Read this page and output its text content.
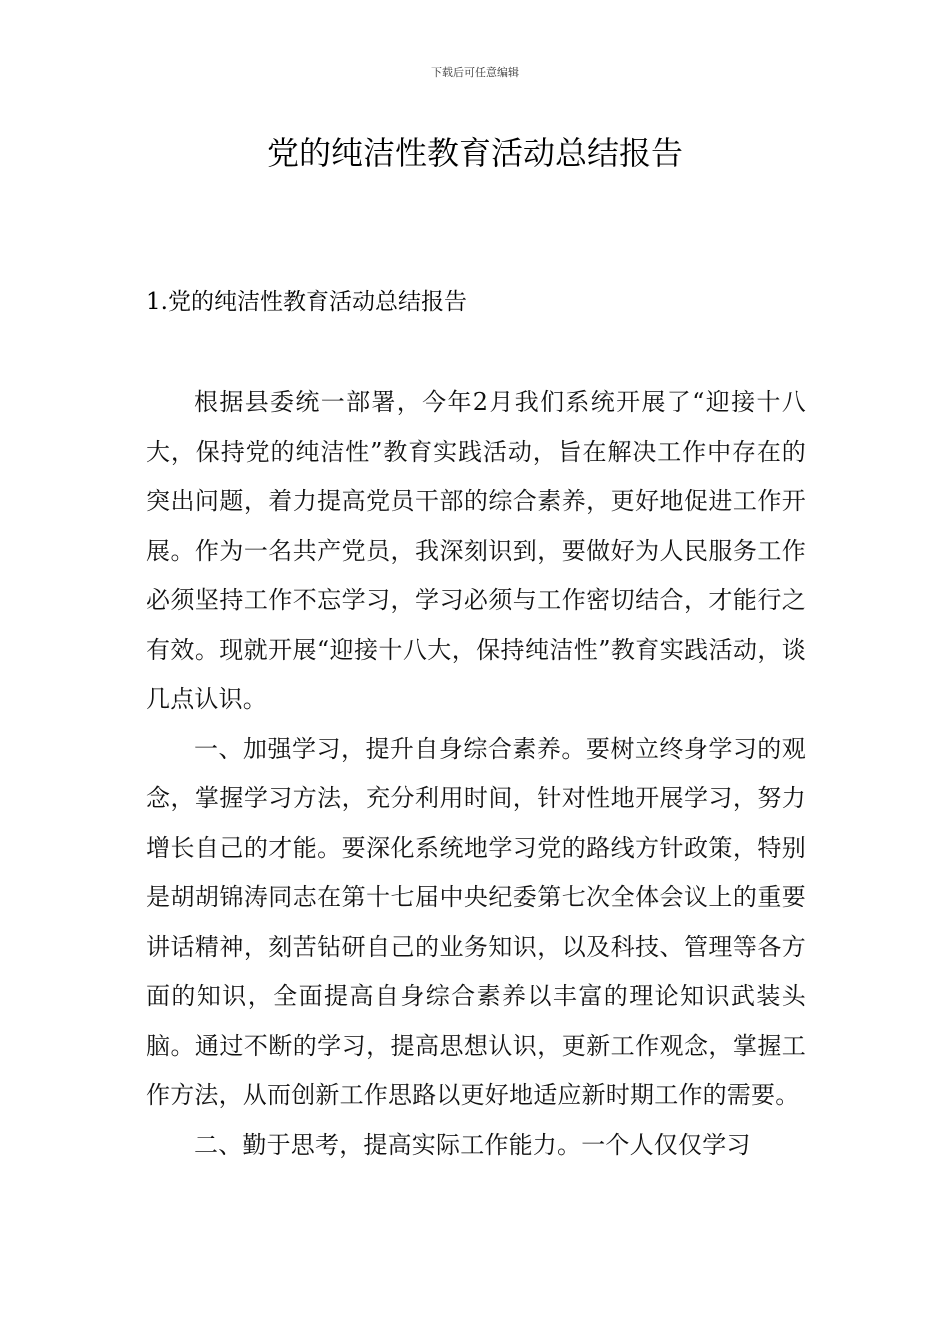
下载后可任意编辑
党的纯洁性教育活动总结报告
1.党的纯洁性教育活动总结报告

根据县委统一部署，今年2月我们系统开展了“迎接十八大，保持党的纯洁性”教育实践活动，旨在解决工作中存在的突出问题，着力提高党员干部的综合素养，更好地促进工作开展。作为一名共产党员，我深刻识到，要做好为人民服务工作必须坚持工作不忘学习，学习必须与工作密切结合，才能行之有效。现就开展“迎接十八大，保持纯洁性”教育实践活动，谈几点认识。

一、加强学习，提升自身综合素养。要树立终身学习的观念，掌握学习方法，充分利用时间，针对性地开展学习，努力增长自己的才能。要深化系统地学习党的路线方针政策，特别是胡胡锦涛同志在第十七届中央纪委第七次全体会议上的重要讲话精神，刻苦钻研自己的业务知识，以及科技、管理等各方面的知识，全面提高自身综合素养以丰富的理论知识武装头脑。通过不断的学习，提高思想认识，更新工作观念，掌握工作方法，从而创新工作思路以更好地适应新时期工作的需要。

二、勤于思考，提高实际工作能力。一个人仅仅学习
